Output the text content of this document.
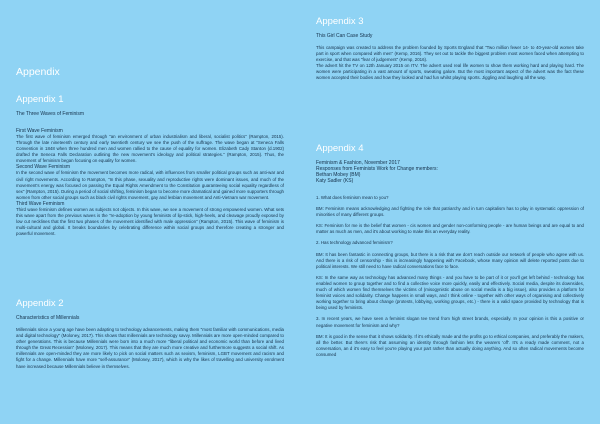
Appendix
Appendix 1
The Three Waves of Feminism
First Wave Feminism

The first wave of feminism emerged through "an environment of urban industrialism and liberal, socialist politics" (Rampton, 2015). Through the late nineteenth century and early twentieth century we see the push of the suffrage. The wave began at "Seneca Falls Convention in 1848 when three hundred men and women rallied to the cause of equality for women. Elizabeth Cady Stanton (d.1902) drafted the Seneca Falls Declaration outlining the new movement's ideology and political strategies." (Rampton, 2015). Thus, the movement of feminism began focusing on equality for women.

Second Wave Feminism

In the second wave of feminism the movement becomes more radical, with influences from smaller political groups such as anti-war and civil right movements. According to Rampton, "In this phase, sexuality and reproductive rights were dominant issues, and much of the movement's energy was focused on passing the Equal Rights Amendment to the Constitution guaranteeing social equality regardless of sex" (Rampton, 2015). During a period of social shifting, feminism began to become more dramatical and gained more supporters through women from other social groups such as black civil rights movement, gay and lesbian movement and Anti-Vietnam war movement.

Third Wave Feminism

Third wave feminism defines women as subjects not objects. In this wave, we see a movement of strong empowered women. What sets this wave apart from the previous waves is the "re-adoption by young feminists of lip-stick, high-heels, and cleavage proudly exposed by low cut necklines that the first two phases of the movement identified with male oppression" (Rampton, 2015). This wave of feminism is multi-cultural and global. It breaks boundaries by celebrating difference within social groups and therefore creating a stronger and powerful movement.

Appendix 2
Characteristics of Millennials

Millennials since a young age have been adapting to technology advancements, making them "most familiar with communications, media and digital technology" (Moloney, 2017). This shows that millennials are technology savvy. Millennials are more open-minded compared to other generations. This is because Millennials were born into a much more "liberal political and economic world than before and lived through the Great Recession" (Moloney, 2017). This means that they are much more creative and furthermore suggests a social shift. As millennials are open-minded they are more likely to pick on social matters such as sexism, feminism, LGBT movement and racism and fight for a change. Millennials have more "self-assurance" (Moloney, 2017), which is why the likes of travelling and university enrolment have increased because Millennials believe in themselves.

Appendix 3
This Girl Can Case Study

This campaign was created to address the problem founded by Sports England that "Two million fewer 14- to 40-year-old women take part in sport when compared with men" (Kemp, 2016). They set out to tackle the biggest problem most women faced when attempting to exercise, and that was "fear of judgement" (Kemp, 2016).

The advert hit the TV on 12th January 2015 on ITV. The advert used real life women to show them working hard and playing hard. The women were participating in a vast amount of sports, sweating galore. But the most important aspect of the advert was the fact these women accepted their bodies and how they looked and had fun whilst playing sports. Jiggling and laughing all the way.

Appendix 4
Feminism & Fashion, November 2017
Responses from Feminists Work for Change members:
Bethan Mobey (BM)
Katy Sadler (KS)

1. What does feminism mean to you?

BM: Feminism means acknowledging and fighting the role that patriarchy and in turn capitalism has to play in systematic oppression of minorities of many different groups.

KS: Feminism for me is the belief that women - cis women and gender non-conforming people - are human beings and are equal to and matter as much as men, and it's about working to make this an everyday reality.

2. Has technology advanced feminism?

BM: It has been fantastic in connecting groups, but there is a risk that we don't reach outside our network of people who agree with us. And there is a risk of censorship - this is increasingly happening with Facebook, whose many opinion will delete reported posts due to political interests. We still need to have radical conversations face to face.

KS: In the same way as technology has advanced many things - and you have to be part of it or you'll get left behind - technology has enabled women to group together and to find a collective voice more quickly, easily and effectively. Social media, despite its downsides, much of which women find themselves the victims of (misogynistic abuse on social media is a big issue), also provides a platform for feminist voices and solidarity. Change happens in small ways, and I think online - together with other ways of organising and collectively working together to bring about change (protests, lobbying, working groups, etc.) - there is a valid space provided by technology that is being used by feminists.

3. In recent years, we have seen a feminist slogan tee trend from high street brands, especially. In your opinion is this a positive or negative movement for feminism and why?

BM: It is good in the sense that it shows solidarity. If it's ethically made and the profits go to ethical companies, and preferably the makers, all the better. But there's risk that assuming an identity through fashion lets the wearers 'off'. It's a ready made comment, not a conversation, an d it's easy to feel you're playing your part rather than actually doing anything. And so often radical movements become consumed
